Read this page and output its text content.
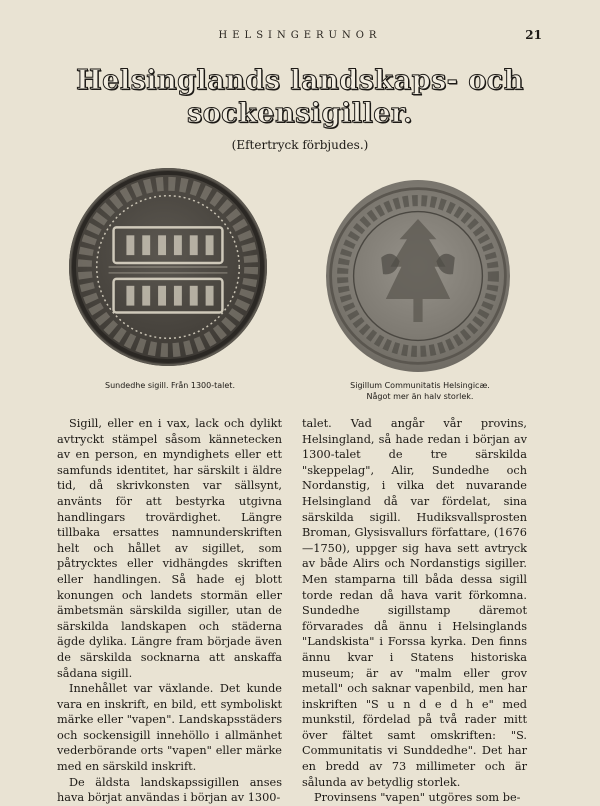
HELSINGERUNOR	21
Helsinglands landskaps- och
sockensigiller.
(Eftertryck förbjudes.)
Sundedhe sigill. Från 1300-talet.	Sigillum Communitatis Helsingicæ.
Något mer än halv storlek.

Sigill, eller en i vax, lack och dylikt avtryckt stämpel såsom kännetecken av en person, en myndighets eller ett samfunds identitet, har särskilt i äldre tid, då skrivkonsten var sällsynt, använts för att bestyrka utgivna handlingars trovärdighet. Längre tillbaka ersattes namnunderskriften helt och hållet av sigillet, som påtrycktes eller vidhängdes skriften eller handlingen. Så hade ej blott konungen och landets stormän eller ämbetsmän särskilda sigiller, utan de särskilda landskapen och städerna ägde dylika. Längre fram började även de särskilda socknarna att anskaffa sådana sigill.

Innehållet var växlande. Det kunde vara en inskrift, en bild, ett symboliskt märke eller "vapen". Landskapsstäders och sockensigill innehöllo i allmänhet vederbörande orts "vapen" eller märke med en särskild inskrift.

De äldsta landskapssigillen anses hava börjat användas i början av 1300-

talet. Vad angår vår provins, Helsingland, så hade redan i början av 1300-talet de tre särskilda "skeppelag", Alir, Sundedhe och Nordanstig, i vilka det nuvarande Helsingland då var fördelat, sina särskilda sigill. Hudiksvallsprosten Broman, Glysisvallurs författare, (1676—1750), uppger sig hava sett avtryck av både Alirs och Nordanstigs sigiller. Men stamparna till båda dessa sigill torde redan då hava varit förkomna. Sundedhe sigillstamp däremot förvarades då ännu i Helsinglands "Landskista" i Forssa kyrka. Den finns ännu kvar i Statens historiska museum; är av "malm eller grov metall" och saknar vapenbild, men har inskriften "S u n d e d h e" med munkstil, fördelad på två rader mitt över fältet samt omskriften: "S. Communitatis vi Sunddedhe". Det har en bredd av 73 millimeter och är sålunda av betydlig storlek.

Provinsens "vapen" utgöres som be-
